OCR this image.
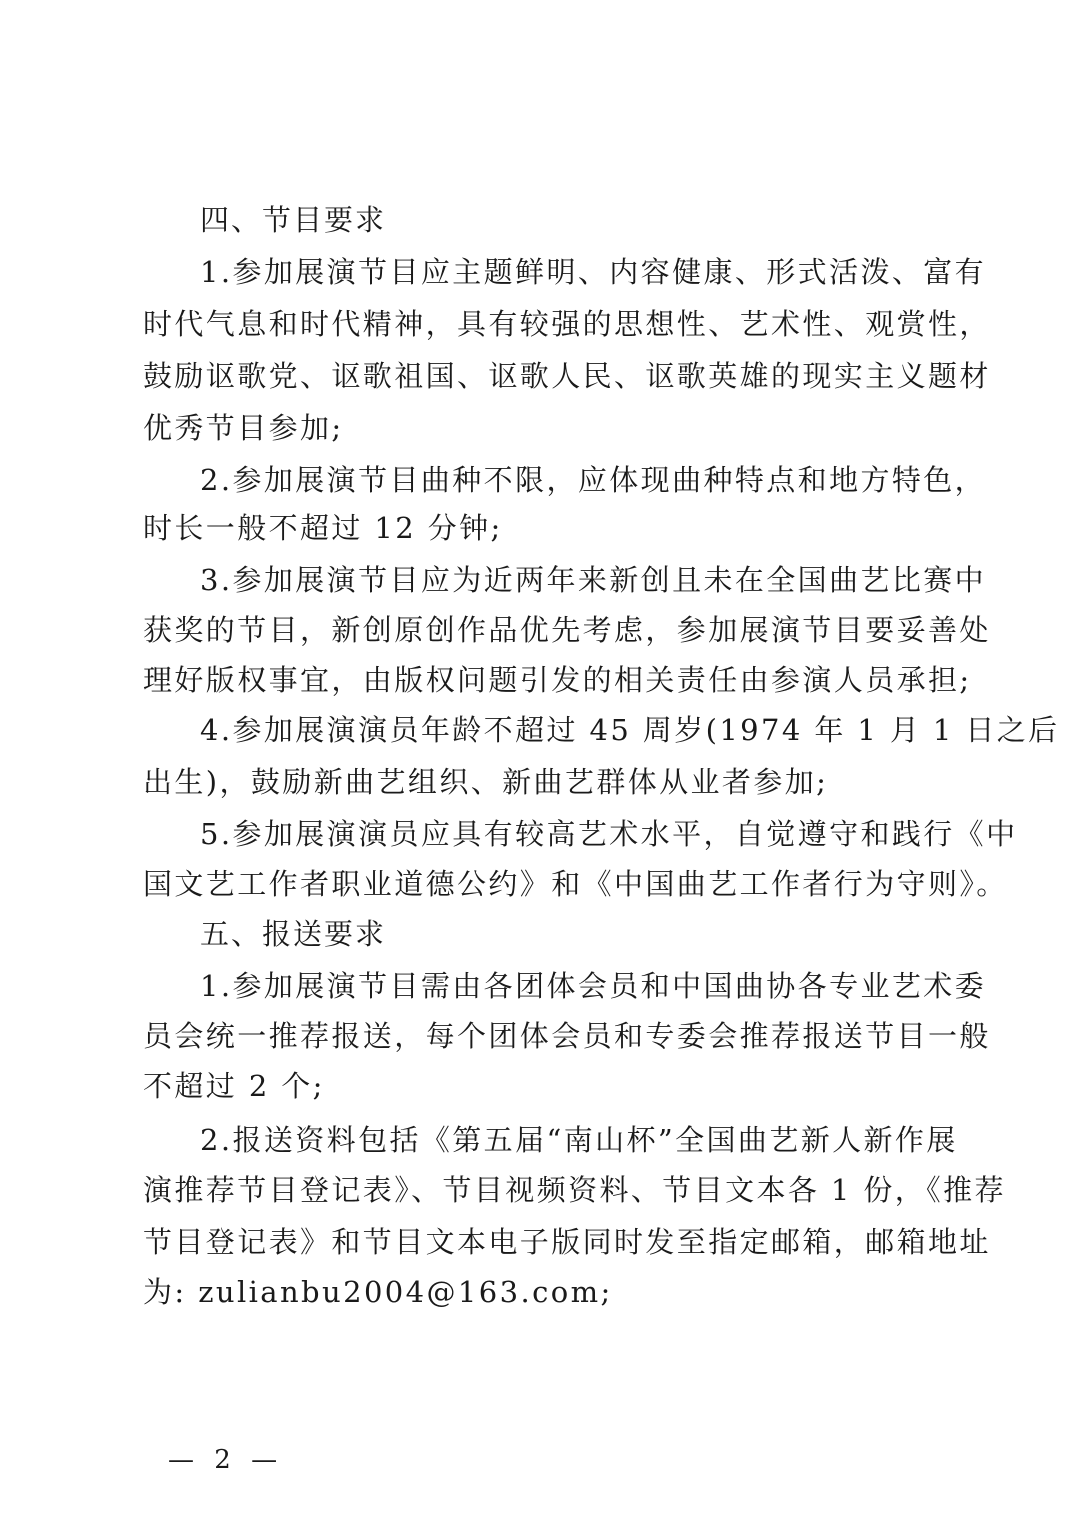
四、节目要求
1.参加展演节目应主题鲜明、内容健康、形式活泼、富有
时代气息和时代精神，具有较强的思想性、艺术性、观赏性，
鼓励讴歌党、讴歌祖国、讴歌人民、讴歌英雄的现实主义题材
优秀节目参加;
2.参加展演节目曲种不限，应体现曲种特点和地方特色，
时长一般不超过 12 分钟;
3.参加展演节目应为近两年来新创且未在全国曲艺比赛中
获奖的节目，新创原创作品优先考虑，参加展演节目要妥善处
理好版权事宜，由版权问题引发的相关责任由参演人员承担;
4.参加展演演员年龄不超过 45 周岁(1974 年 1 月 1 日之后
出生)，鼓励新曲艺组织、新曲艺群体从业者参加;
5.参加展演演员应具有较高艺术水平，自觉遵守和践行《中
国文艺工作者职业道德公约》和《中国曲艺工作者行为守则》。
五、报送要求
1.参加展演节目需由各团体会员和中国曲协各专业艺术委
员会统一推荐报送，每个团体会员和专委会推荐报送节目一般
不超过 2 个;
2.报送资料包括《第五届“南山杯”全国曲艺新人新作展
演推荐节目登记表》、节目视频资料、节目文本各 1 份，《推荐
节目登记表》和节目文本电子版同时发至指定邮箱，邮箱地址
为: zulianbu2004@163.com;
— 2 —
